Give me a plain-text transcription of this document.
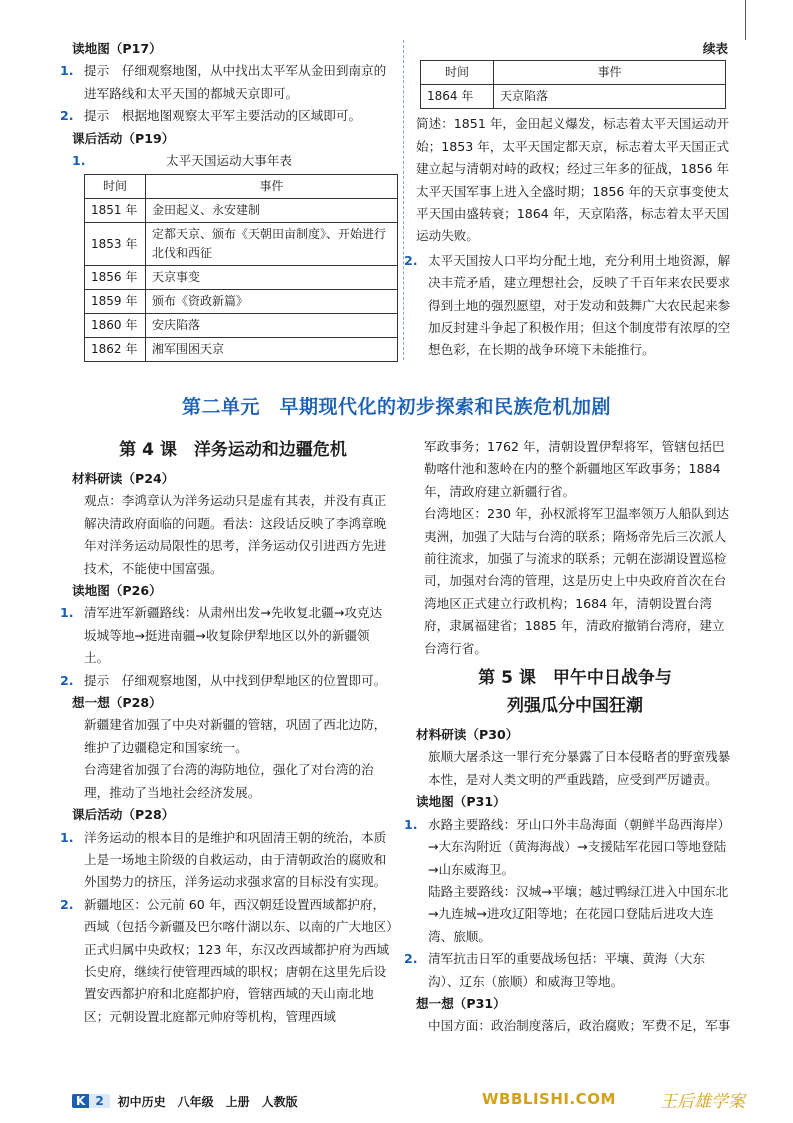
读地图（P17）

1. 提示　仔细观察地图，从中找出太平军从金田到南京的进军路线和太平天国的都城天京即可。

2. 提示　根据地图观察太平军主要活动的区域即可。

课后活动（P19）

1.	太平天国运动大事年表

时间	事件
1851 年	金田起义、永安建制
1853 年	定都天京、颁布《天朝田亩制度》、开始进行北伐和西征
1856 年	天京事变
1859 年	颁布《资政新篇》
1860 年	安庆陷落
1862 年	湘军围困天京

续表

时间	事件
1864 年	天京陷落

简述：1851 年，金田起义爆发，标志着太平天国运动开始；1853 年，太平天国定都天京，标志着太平天国正式建立起与清朝对峙的政权；经过三年多的征战，1856 年太平天国军事上进入全盛时期；1856 年的天京事变使太平天国由盛转衰；1864 年，天京陷落，标志着太平天国运动失败。

2. 太平天国按人口平均分配土地，充分利用土地资源，解决丰荒矛盾，建立理想社会，反映了千百年来农民要求得到土地的强烈愿望，对于发动和鼓舞广大农民起来参加反封建斗争起了积极作用；但这个制度带有浓厚的空想色彩，在长期的战争环境下未能推行。

第二单元　早期现代化的初步探索和民族危机加剧

第 4 课　洋务运动和边疆危机

材料研读（P24）

观点：李鸿章认为洋务运动只是虚有其表，并没有真正解决清政府面临的问题。看法：这段话反映了李鸿章晚年对洋务运动局限性的思考，洋务运动仅引进西方先进技术，不能使中国富强。

读地图（P26）

1. 清军进军新疆路线：从肃州出发→先收复北疆→攻克达坂城等地→挺进南疆→收复除伊犁地区以外的新疆领土。

2. 提示　仔细观察地图，从中找到伊犁地区的位置即可。

想一想（P28）

新疆建省加强了中央对新疆的管辖，巩固了西北边防，维护了边疆稳定和国家统一。

台湾建省加强了台湾的海防地位，强化了对台湾的治理，推动了当地社会经济发展。

课后活动（P28）

1. 洋务运动的根本目的是维护和巩固清王朝的统治，本质上是一场地主阶级的自救运动，由于清朝政治的腐败和外国势力的挤压，洋务运动求强求富的目标没有实现。

2. 新疆地区：公元前 60 年，西汉朝廷设置西域都护府，西域（包括今新疆及巴尔喀什湖以东、以南的广大地区）正式归属中央政权；123 年，东汉改西域都护府为西域长史府，继续行使管理西域的职权；唐朝在这里先后设置安西都护府和北庭都护府，管辖西域的天山南北地区；元朝设置北庭都元帅府等机构，管理西域

军政事务；1762 年，清朝设置伊犁将军，管辖包括巴勒喀什池和葱岭在内的整个新疆地区军政事务；1884 年，清政府建立新疆行省。

台湾地区：230 年，孙权派将军卫温率领万人船队到达夷洲，加强了大陆与台湾的联系；隋炀帝先后三次派人前往流求，加强了与流求的联系；元朝在澎湖设置巡检司，加强对台湾的管理，这是历史上中央政府首次在台湾地区正式建立行政机构；1684 年，清朝设置台湾府，隶属福建省；1885 年，清政府撤销台湾府，建立台湾行省。

第 5 课　甲午中日战争与

列强瓜分中国狂潮

材料研读（P30）

旅顺大屠杀这一罪行充分暴露了日本侵略者的野蛮残暴本性，是对人类文明的严重践踏，应受到严厉谴责。

读地图（P31）

1. 水路主要路线：牙山口外丰岛海面（朝鲜半岛西海岸）→大东沟附近（黄海海战）→支援陆军花园口等地登陆→山东威海卫。

陆路主要路线：汉城→平壤；越过鸭绿江进入中国东北→九连城→进攻辽阳等地；在花园口登陆后进攻大连湾、旅顺。

2. 清军抗击日军的重要战场包括：平壤、黄海（大东沟）、辽东（旅顺）和威海卫等地。

想一想（P31）

中国方面：政治制度落后，政治腐败；军费不足，军事

K 2	初中历史　八年级　上册　人教版	WBBLISHI.COM	王后雄学案
